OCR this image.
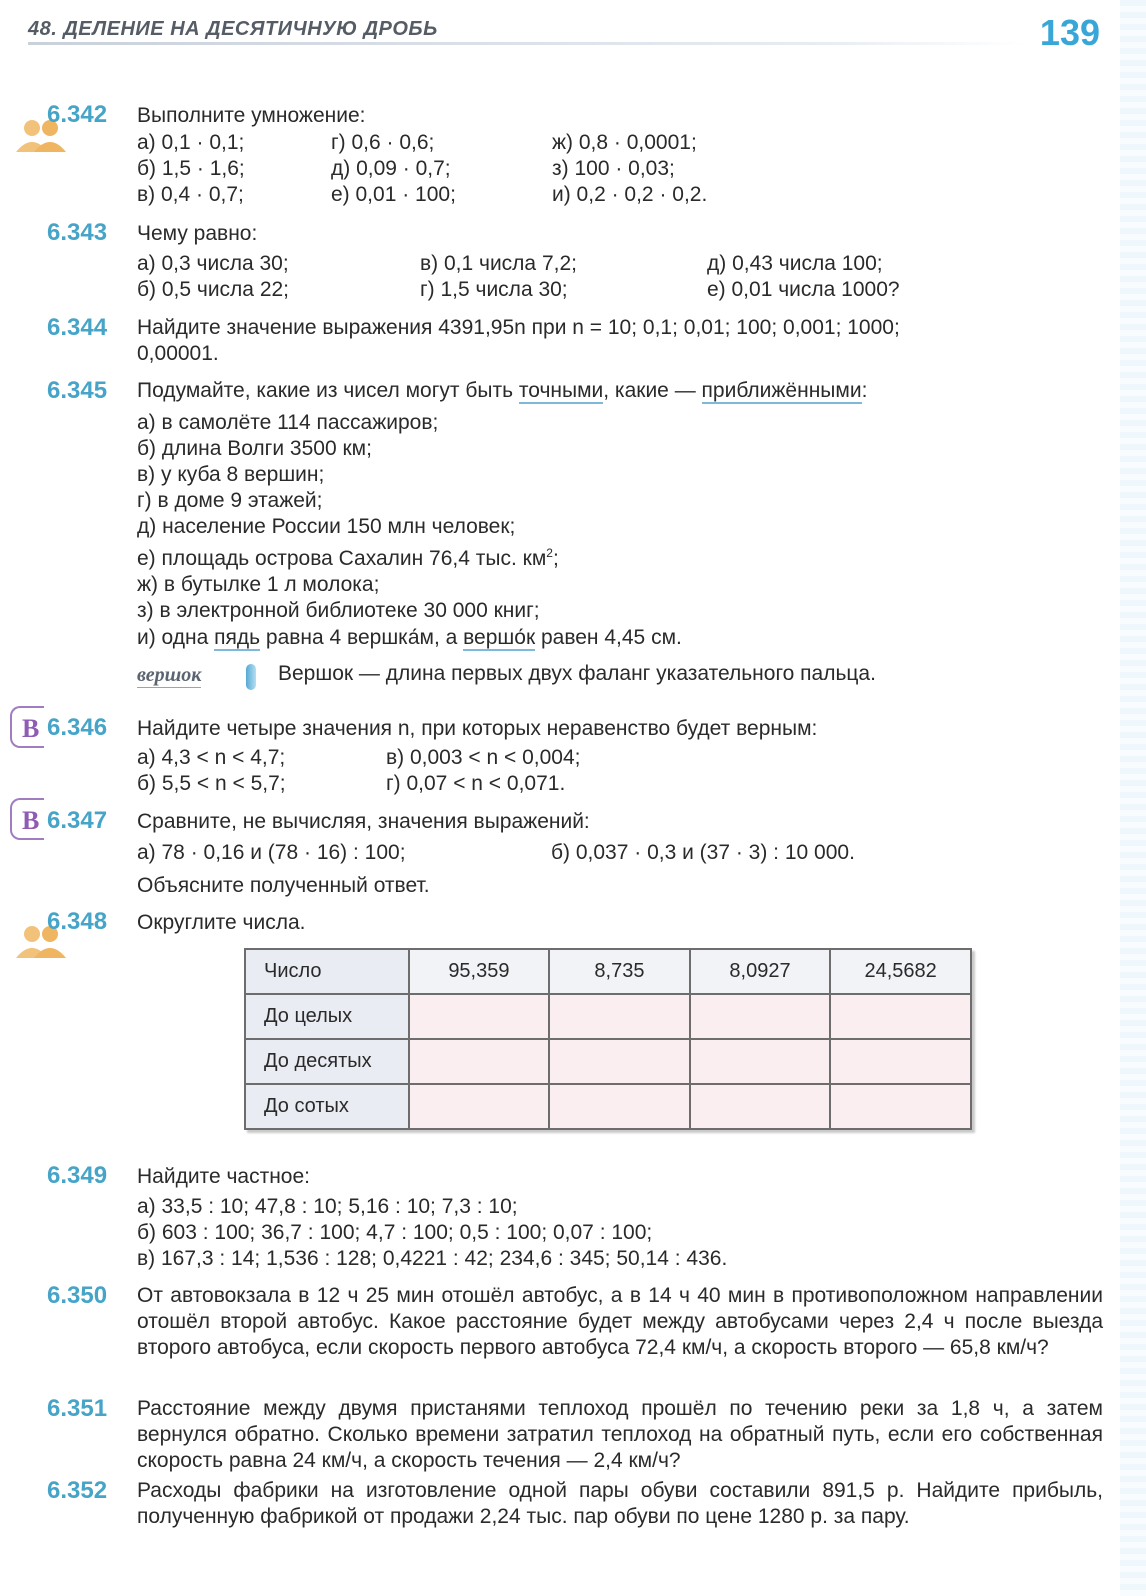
48. ДЕЛЕНИЕ НА ДЕСЯТИЧНУЮ ДРОБЬ	139
6.342 Выполните умножение:
а) 0,1 · 0,1;
б) 1,5 · 1,6;
в) 0,4 · 0,7;
г) 0,6 · 0,6;
д) 0,09 · 0,7;
е) 0,01 · 100;
ж) 0,8 · 0,0001;
з) 100 · 0,03;
и) 0,2 · 0,2 · 0,2.
6.343 Чему равно:
а) 0,3 числа 30;
б) 0,5 числа 22;
в) 0,1 числа 7,2;
г) 1,5 числа 30;
д) 0,43 числа 100;
е) 0,01 числа 1000?
6.344 Найдите значение выражения 4391,95n при n = 10; 0,1; 0,01; 100; 0,001; 1000;
0,00001.
6.345 Подумайте, какие из чисел могут быть точными, какие — приближёнными:
а) в самолёте 114 пассажиров;
б) длина Волги 3500 км;
в) у куба 8 вершин;
г) в доме 9 этажей;
д) население России 150 млн человек;
е) площадь острова Сахалин 76,4 тыс. $км^2$;
ж) в бутылке 1 л молока;
з) в электронной библиотеке 30 000 книг;
и) одна пядь равна 4 вершка́м, а вершо́к равен 4,45 см.
вершок	Вершок — длина первых двух фаланг указательного пальца.
В 6.346 Найдите четыре значения n, при которых неравенство будет верным:
а) 4,3 < n < 4,7;
б) 5,5 < n < 5,7;
в) 0,003 < n < 0,004;
г) 0,07 < n < 0,071.
В 6.347 Сравните, не вычисляя, значения выражений:
а) 78 · 0,16 и (78 · 16) : 100;	б) 0,037 · 0,3 и (37 · 3) : 10 000.
Объясните полученный ответ.
6.348 Округлите числа.
Число	95,359	8,735	8,0927	24,5682
До целых				
До десятых				
До сотых				
6.349 Найдите частное:
а) 33,5 : 10; 47,8 : 10; 5,16 : 10; 7,3 : 10;
б) 603 : 100; 36,7 : 100; 4,7 : 100; 0,5 : 100; 0,07 : 100;
в) 167,3 : 14; 1,536 : 128; 0,4221 : 42; 234,6 : 345; 50,14 : 436.
6.350 От автовокзала в 12 ч 25 мин отошёл автобус, а в 14 ч 40 мин в противоположном направлении отошёл второй автобус. Какое расстояние будет между автобусами через 2,4 ч после выезда второго автобуса, если скорость первого автобуса 72,4 км/ч, а скорость второго — 65,8 км/ч?
6.351 Расстояние между двумя пристанями теплоход прошёл по течению реки за 1,8 ч, а затем вернулся обратно. Сколько времени затратил теплоход на обратный путь, если его собственная скорость равна 24 км/ч, а скорость течения — 2,4 км/ч?
6.352 Расходы фабрики на изготовление одной пары обуви составили 891,5 р. Найдите прибыль, полученную фабрикой от продажи 2,24 тыс. пар обуви по цене 1280 р. за пару.
